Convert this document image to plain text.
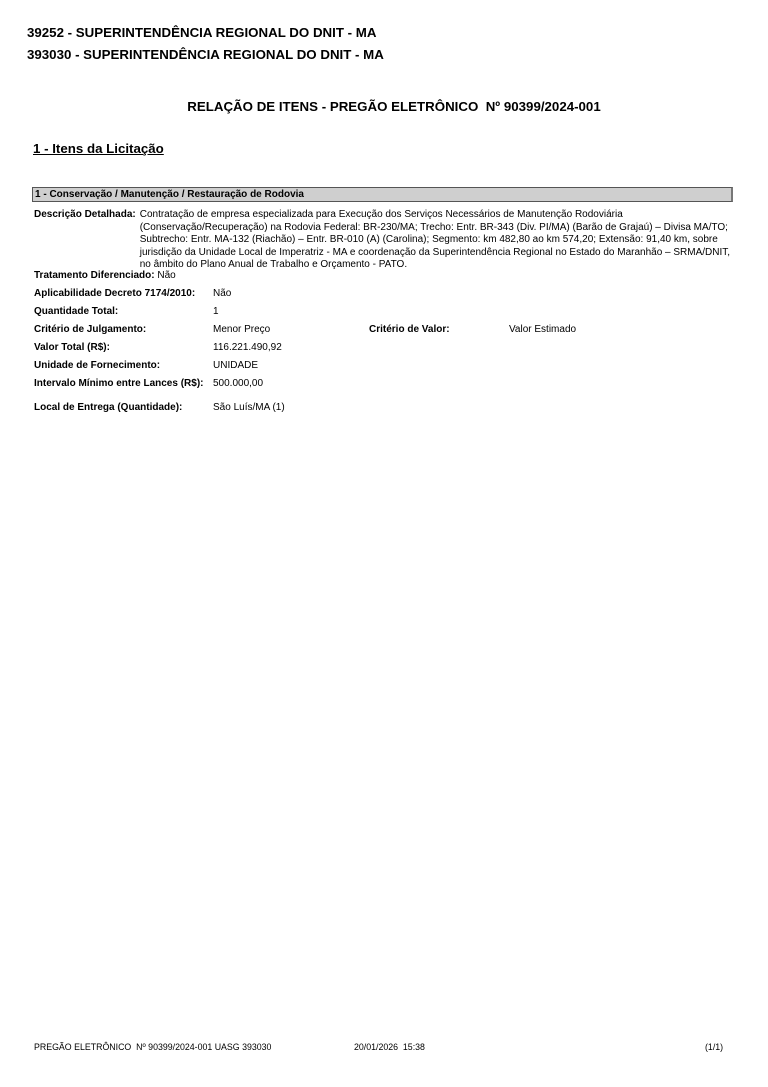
39252 - SUPERINTENDÊNCIA REGIONAL DO DNIT - MA
393030 - SUPERINTENDÊNCIA REGIONAL DO DNIT - MA
RELAÇÃO DE ITENS - PREGÃO ELETRÔNICO  Nº 90399/2024-001
1 - Itens da Licitação
1 - Conservação / Manutenção / Restauração de Rodovia
Descrição Detalhada: Contratação de empresa especializada para Execução dos Serviços Necessários de Manutenção Rodoviária (Conservação/Recuperação) na Rodovia Federal: BR-230/MA; Trecho: Entr. BR-343 (Div. PI/MA) (Barão de Grajaú) – Divisa MA/TO; Subtrecho: Entr. MA-132 (Riachão) – Entr. BR-010 (A) (Carolina); Segmento: km 482,80 ao km 574,20; Extensão: 91,40 km, sobre jurisdição da Unidade Local de Imperatriz - MA e coordenação da Superintendência Regional no Estado do Maranhão – SRMA/DNIT, no âmbito do Plano Anual de Trabalho e Orçamento - PATO.
Tratamento Diferenciado: Não
Aplicabilidade Decreto 7174/2010: Não
Quantidade Total:	1
Critério de Julgamento:	Menor Preço	Critério de Valor:	Valor Estimado
Valor Total (R$):	116.221.490,92
Unidade de Fornecimento:	UNIDADE
Intervalo Mínimo entre Lances (R$): 500.000,00
Local de Entrega (Quantidade):	São Luís/MA (1)
PREGÃO ELETRÔNICO  Nº 90399/2024-001 UASG 393030	20/01/2026  15:38	(1/1)
